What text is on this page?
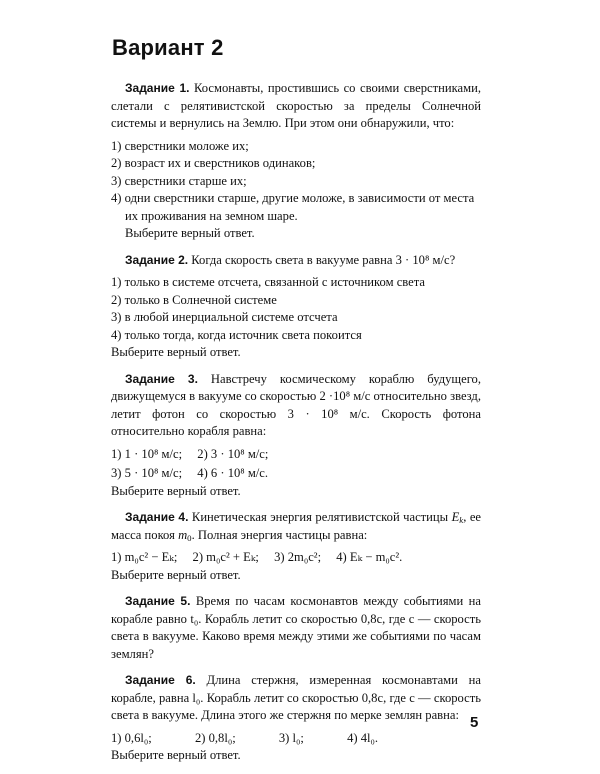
Вариант 2

Задание 1. Космонавты, простившись со своими сверстниками, слетали с релятивистской скоростью за пределы Солнечной системы и вернулись на Землю. При этом они обнаружили, что:

1) сверстники моложе их;
2) возраст их и сверстников одинаков;
3) сверстники старше их;
4) одни сверстники старше, другие моложе, в зависимости от места их проживания на земном шаре.

Выберите верный ответ.

Задание 2. Когда скорость света в вакууме равна 3 · 10⁸ м/с?

1) только в системе отсчета, связанной с источником света
2) только в Солнечной системе
3) в любой инерциальной системе отсчета
4) только тогда, когда источник света покоится

Выберите верный ответ.

Задание 3. Навстречу космическому кораблю будущего, движущемуся в вакууме со скоростью 2 ·10⁸ м/с относительно звезд, летит фотон со скоростью 3 · 10⁸ м/с. Скорость фотона относительно корабля равна:

1) 1 · 10⁸ м/с; 2) 3 · 10⁸ м/с;
3) 5 · 10⁸ м/с; 4) 6 · 10⁸ м/с.

Выберите верный ответ.

Задание 4. Кинетическая энергия релятивистской частицы $E_k$, ее масса покоя $m_0$. Полная энергия частицы равна:

1) m₀c² − Eₖ; 2) m₀c² + Eₖ; 3) 2m₀c²; 4) Eₖ − m₀c².

Выберите верный ответ.

Задание 5. Время по часам космонавтов между событиями на корабле равно t₀. Корабль летит со скоростью 0,8c, где c — скорость света в вакууме. Каково время между этими же событиями по часам землян?

Задание 6. Длина стержня, измеренная космонавтами на корабле, равна l₀. Корабль летит со скоростью 0,8c, где c — скорость света в вакууме. Длина этого же стержня по мерке землян равна:

1) 0,6l₀;	2) 0,8l₀;	3) l₀;	4) 4l₀.

Выберите верный ответ.

5
